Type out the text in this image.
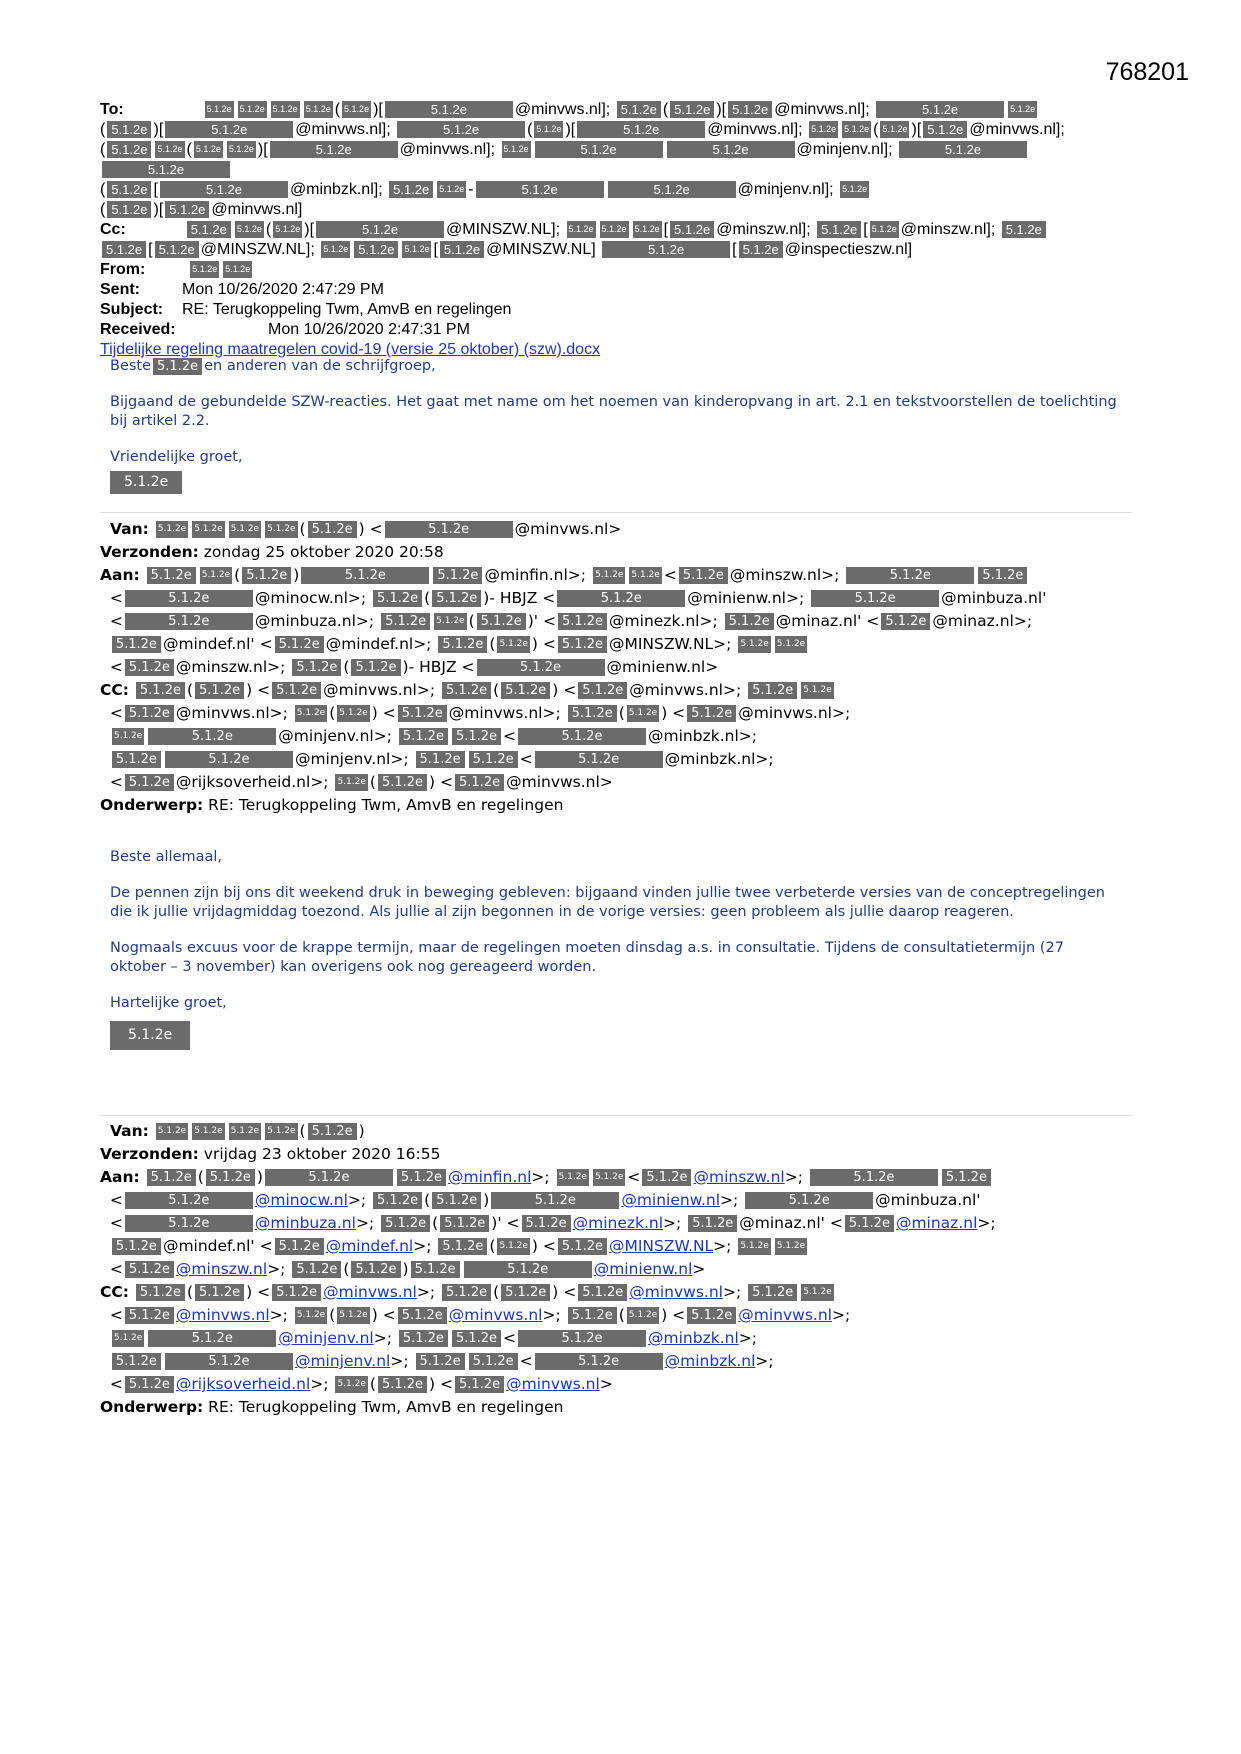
768201
To:	5.1.2e 5.1.2e 5.1.2e 5.1.2e ( 5.1.2e )[	5.1.2e	@minvws.nl]; 5.1.2e ( 5.1.2e )[ 5.1.2e @minvws.nl];	5.1.2e	5.1.2e
( 5.1.2e )[	5.1.2e	@minvws.nl];	5.1.2e	( 5.1.2e )[	5.1.2e	@minvws.nl]; 5.1.2e 5.1.2e ( 5.1.2e )[ 5.1.2e @minvws.nl];
( 5.1.2e 5.1.2e ( 5.1.2e 5.1.2e )[	5.1.2e	@minvws.nl]; 5.1.2e	5.1.2e	5.1.2e	@minjenv.nl];	5.1.2e5.1.2e
( 5.1.2e [	5.1.2e	@minbzk.nl]; 5.1.2e 5.1.2e -	5.1.2e	5.1.2e	@minjenv.nl]; 5.1.2e
( 5.1.2e )[ 5.1.2e @minvws.nl]
Cc:	5.1.2e 5.1.2e ( 5.1.2e )[	5.1.2e	@MINSZW.NL]; 5.1.2e 5.1.2e 5.1.2e [ 5.1.2e @minszw.nl]; 5.1.2e [ 5.1.2e @minszw.nl]; 5.1.2e
5.1.2e [ 5.1.2e @MINSZW.NL]; 5.1.2e 5.1.2e 5.1.2e [ 5.1.2e @MINSZW.NL]	5.1.2e	[ 5.1.2e @inspectieszw.nl]
From:	5.1.2e 5.1.2e
Sent:	Mon 10/26/2020 2:47:29 PM
Subject: RE: Terugkoppeling Twm, AmvB en regelingen
Received:	Mon 10/26/2020 2:47:31 PM
Tijdelijke regeling maatregelen covid-19 (versie 25 oktober) (szw).docx

Beste 5.1.2e en anderen van de schrijfgroep,

Bijgaand de gebundelde SZW-reacties. Het gaat met name om het noemen van kinderopvang in art. 2.1 en tekstvoorstellen de toelichting bij artikel 2.2.

Vriendelijke groet,

5.1.2e
Van: 5.1.2e 5.1.2e 5.1.2e 5.1.2e ( 5.1.2e ) <	5.1.2e	@minvws.nl>
Verzonden: zondag 25 oktober 2020 20:58
Aan: 5.1.2e 5.1.2e ( 5.1.2e )	5.1.2e	5.1.2e @minfin.nl>; 5.1.2e 5.1.2e < 5.1.2e @minszw.nl>;	5.1.2e	5.1.2e
<	5.1.2e	@minocw.nl>; 5.1.2e ( 5.1.2e )- HBJZ <	5.1.2e	@minienw.nl>;	5.1.2e	@minbuza.nl'
<	5.1.2e	@minbuza.nl>; 5.1.2e 5.1.2e ( 5.1.2e )' < 5.1.2e @minezk.nl>; 5.1.2e @minaz.nl' < 5.1.2e @minaz.nl>;
5.1.2e @mindef.nl' < 5.1.2e @mindef.nl>; 5.1.2e ( 5.1.2e ) < 5.1.2e @MINSZW.NL>; 5.1.2e 5.1.2e
< 5.1.2e @minszw.nl>; 5.1.2e ( 5.1.2e )- HBJZ <	5.1.2e	@minienw.nl>
CC: 5.1.2e ( 5.1.2e ) < 5.1.2e @minvws.nl>; 5.1.2e ( 5.1.2e ) < 5.1.2e @minvws.nl>; 5.1.2e 5.1.2e
< 5.1.2e @minvws.nl>; 5.1.2e ( 5.1.2e ) < 5.1.2e @minvws.nl>; 5.1.2e ( 5.1.2e ) < 5.1.2e @minvws.nl>;
5.1.2e	5.1.2e	@minjenv.nl>; 5.1.2e 5.1.2e <	5.1.2e	@minbzk.nl>;
5.1.2e	5.1.2e	@minjenv.nl>; 5.1.2e 5.1.2e <	5.1.2e	@minbzk.nl>;
< 5.1.2e @rijksoverheid.nl>; 5.1.2e ( 5.1.2e ) < 5.1.2e @minvws.nl>
Onderwerp: RE: Terugkoppeling Twm, AmvB en regelingen

Beste allemaal,

De pennen zijn bij ons dit weekend druk in beweging gebleven: bijgaand vinden jullie twee verbeterde versies van de conceptregelingen die ik jullie vrijdagmiddag toezond. Als jullie al zijn begonnen in de vorige versies: geen probleem als jullie daarop reageren.

Nogmaals excuus voor de krappe termijn, maar de regelingen moeten dinsdag a.s. in consultatie. Tijdens de consultatietermijn (27 oktober – 3 november) kan overigens ook nog gereageerd worden.

Hartelijke groet,

5.1.2e
Van: 5.1.2e 5.1.2e 5.1.2e 5.1.2e ( 5.1.2e )
Verzonden: vrijdag 23 oktober 2020 16:55
Aan: 5.1.2e ( 5.1.2e )	5.1.2e	5.1.2e @minfin.nl>; 5.1.2e 5.1.2e < 5.1.2e @minszw.nl>;	5.1.2e	5.1.2e
<	5.1.2e	@minocw.nl>; 5.1.2e ( 5.1.2e )	5.1.2e	@minienw.nl>;	5.1.2e	@minbuza.nl'
<	5.1.2e	@minbuza.nl>; 5.1.2e ( 5.1.2e )' < 5.1.2e @minezk.nl>; 5.1.2e @minaz.nl' < 5.1.2e @minaz.nl>;
5.1.2e @mindef.nl' < 5.1.2e @mindef.nl>; 5.1.2e ( 5.1.2e ) < 5.1.2e @MINSZW.NL>; 5.1.2e 5.1.2e
< 5.1.2e @minszw.nl>; 5.1.2e ( 5.1.2e ) 5.1.2e	5.1.2e	@minienw.nl>
CC: 5.1.2e ( 5.1.2e ) < 5.1.2e @minvws.nl>; 5.1.2e ( 5.1.2e ) < 5.1.2e @minvws.nl>; 5.1.2e 5.1.2e
< 5.1.2e @minvws.nl>; 5.1.2e ( 5.1.2e ) < 5.1.2e @minvws.nl>; 5.1.2e ( 5.1.2e ) < 5.1.2e @minvws.nl>;
5.1.2e	5.1.2e	@minjenv.nl>; 5.1.2e 5.1.2e <	5.1.2e	@minbzk.nl>;
5.1.2e	5.1.2e	@minjenv.nl>; 5.1.2e 5.1.2e <	5.1.2e	@minbzk.nl>;
< 5.1.2e @rijksoverheid.nl>; 5.1.2e ( 5.1.2e ) < 5.1.2e @minvws.nl>
Onderwerp: RE: Terugkoppeling Twm, AmvB en regelingen
